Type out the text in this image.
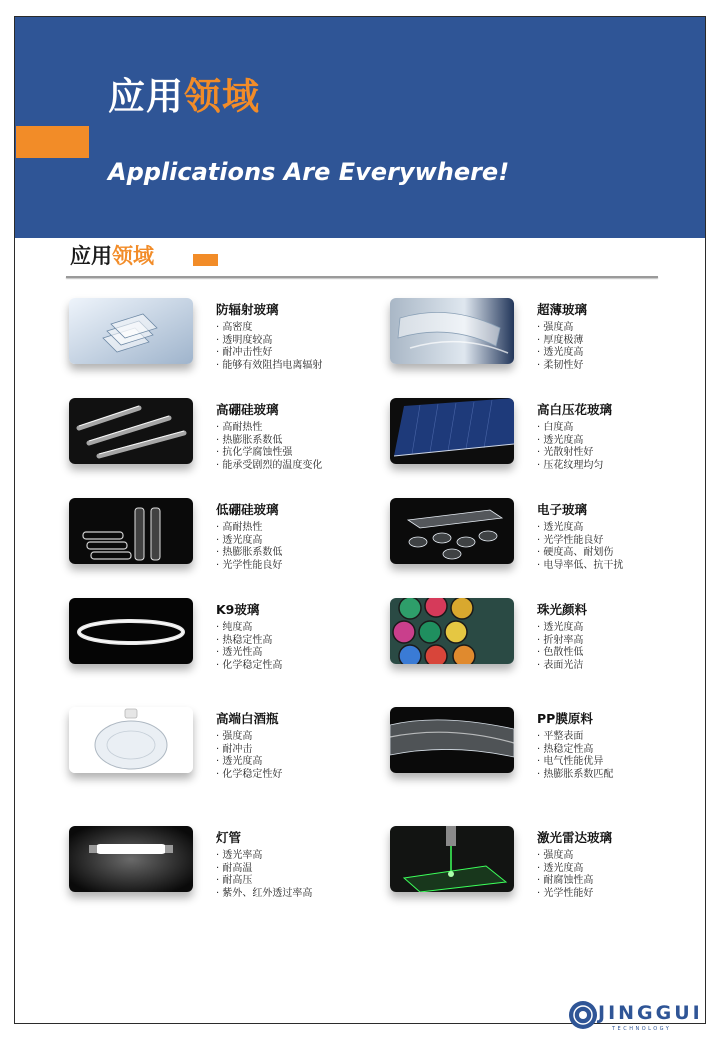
应用领域
Applications Are Everywhere!
应用领域
防辐射玻璃
· 高密度
· 透明度较高
· 耐冲击性好
· 能够有效阻挡电离辐射
超薄玻璃
· 强度高
· 厚度极薄
· 透光度高
· 柔韧性好
高硼硅玻璃
· 高耐热性
· 热膨胀系数低
· 抗化学腐蚀性强
· 能承受剧烈的温度变化
高白压花玻璃
· 白度高
· 透光度高
· 光散射性好
· 压花纹理均匀
低硼硅玻璃
· 高耐热性
· 透光度高
· 热膨胀系数低
· 光学性能良好
电子玻璃
· 透光度高
· 光学性能良好
· 硬度高、耐划伤
· 电导率低、抗干扰
K9玻璃
· 纯度高
· 热稳定性高
· 透光性高
· 化学稳定性高
珠光颜料
· 透光度高
· 折射率高
· 色散性低
· 表面光洁
高端白酒瓶
· 强度高
· 耐冲击
· 透光度高
· 化学稳定性好
PP膜原料
· 平整表面
· 热稳定性高
· 电气性能优异
· 热膨胀系数匹配
灯管
· 透光率高
· 耐高温
· 耐高压
· 紫外、红外透过率高
激光雷达玻璃
· 强度高
· 透光度高
· 耐腐蚀性高
· 光学性能好
JINGGUI
TECHNOLOGY
